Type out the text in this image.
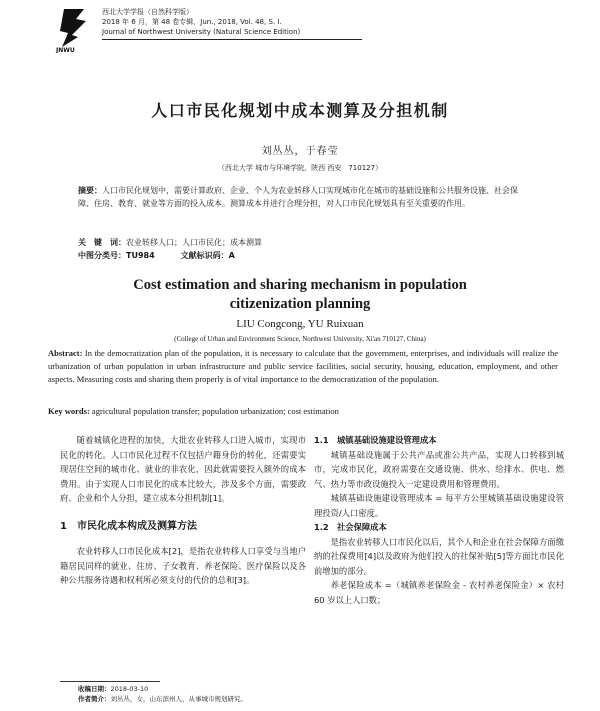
JNWU
西北大学学报（自然科学版）
2018 年 6 月，第 48 卷专辑，Jun., 2018, Vol. 48, S. I.
Journal of Northwest University (Natural Science Edition)
人口市民化规划中成本测算及分担机制
刘丛丛，于春莹
（西北大学 城市与环境学院，陕西 西安　710127）
摘要：人口市民化规划中，需要计算政府、企业、个人为农业转移人口实现城市化在城市的基础设施和公共服务设施、社会保障、住房、教育、就业等方面的投入成本。测算成本并进行合理分担，对人口市民化规划具有至关重要的作用。
关　键　词：农业转移人口；人口市民化；成本测算
中图分类号：TU984	文献标识码：A
Cost estimation and sharing mechanism in population
citizenization planning
LIU Congcong, YU Ruixuan
(College of Urban and Environment Science, Northwest University, Xi'an 710127, China)
Abstract: In the democratization plan of the population, it is necessary to calculate that the government, enterprises, and individuals will realize the urbanization of urban population in urban infrastructure and public service facilities, social security, housing, education, employment, and other aspects. Measuring costs and sharing them properly is of vital importance to the democratization of the population.
Key words: agricultural population transfer; population urbanization; cost estimation

随着城镇化进程的加快，大批农业转移人口进入城市，实现市民化的转化。人口市民化过程不仅包括户籍身份的转化，还需要实现居住空间的城市化、就业的非农化，因此就需要投入额外的成本费用。由于实现人口市民化的成本比较大，涉及多个方面，需要政府、企业和个人分担，建立成本分担机制[1]。

1　市民化成本构成及测算方法

农业转移人口市民化成本[2]，是指农业转移人口享受与当地户籍居民同样的就业、住房、子女教育、养老保险、医疗保险以及各种公共服务待遇和权利所必须支付的代价的总和[3]。

1.1　城镇基础设施建设管理成本

城镇基础设施属于公共产品或准公共产品，实现人口转移到城市，完成市民化，政府需要在交通设施、供水、给排水、供电、燃气、热力等市政设施投入一定建设费用和管理费用。

城镇基础设施建设管理成本 = 每平方公里城镇基础设施建设管理投资/人口密度。

1.2　社会保障成本

是指农业转移人口市民化以后，其个人和企业在社会保障方面缴纳的社保费用[4]以及政府为他们投入的社保补贴[5]等方面比市民化前增加的部分。

养老保险成本 =（城镇养老保险金 - 农村养老保险金）× 农村 60 岁以上人口数；

收稿日期：2018-03-10
作者简介：刘丛丛，女，山东滨州人，从事城市规划研究。
